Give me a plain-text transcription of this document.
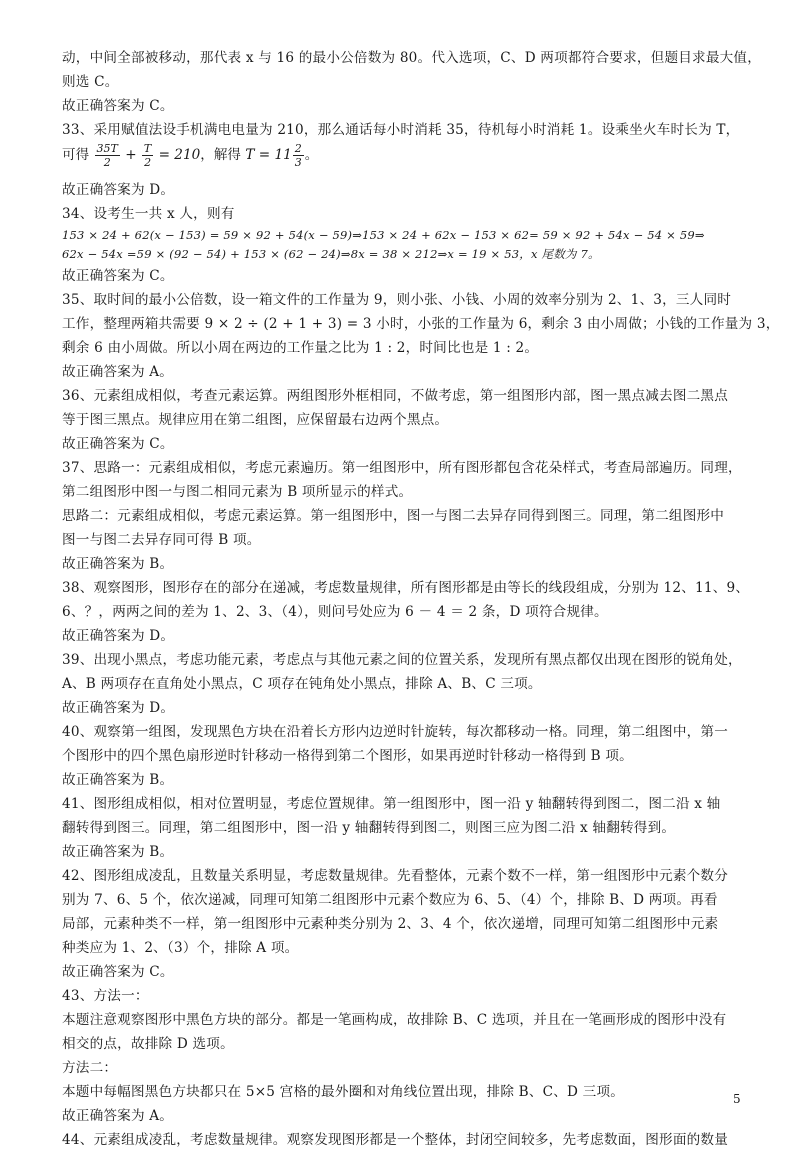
动，中间全部被移动，那代表 x 与 16 的最小公倍数为 80。代入选项，C、D 两项都符合要求，但题目求最大值，
则选 C。
故正确答案为 C。
33、采用赋值法设手机满电电量为 210，那么通话每小时消耗 35，待机每小时消耗 1。设乘坐火车时长为 T，
可得 $\frac{35T}{2} + \frac{T}{2} = 210$，解得 $T = 11 \frac{2}{3}$ 。
故正确答案为 D。
34、设考生一共 x 人，则有
153 × 24 + 62(x − 153) = 59 × 92 + 54(x − 59)⇒153 × 24 + 62x − 153 × 62= 59 × 92 + 54x − 54 × 59⇒
62x − 54x =59 × (92 − 54) + 153 × (62 − 24)⇒8x = 38 × 212⇒x = 19 × 53，x 尾数为 7。
故正确答案为 C。
35、取时间的最小公倍数，设一箱文件的工作量为 9，则小张、小钱、小周的效率分别为 2、1、3，三人同时
工作，整理两箱共需要 9 × 2 ÷ (2 + 1 + 3) = 3 小时，小张的工作量为 6，剩余 3 由小周做；小钱的工作量为 3，
剩余 6 由小周做。所以小周在两边的工作量之比为 1 : 2，时间比也是 1 : 2。
故正确答案为 A。
36、元素组成相似，考查元素运算。两组图形外框相同，不做考虑，第一组图形内部，图一黑点减去图二黑点
等于图三黑点。规律应用在第二组图，应保留最右边两个黑点。
故正确答案为 C。
37、思路一：元素组成相似，考虑元素遍历。第一组图形中，所有图形都包含花朵样式，考查局部遍历。同理，
第二组图形中图一与图二相同元素为 B 项所显示的样式。
思路二：元素组成相似，考虑元素运算。第一组图形中，图一与图二去异存同得到图三。同理，第二组图形中
图一与图二去异存同可得 B 项。
故正确答案为 B。
38、观察图形，图形存在的部分在递减，考虑数量规律，所有图形都是由等长的线段组成，分别为 12、11、9、
6、？，两两之间的差为 1、2、3、（4），则问号处应为 6 － 4 ＝ 2 条，D 项符合规律。
故正确答案为 D。
39、出现小黑点，考虑功能元素，考虑点与其他元素之间的位置关系，发现所有黑点都仅出现在图形的锐角处，
A、B 两项存在直角处小黑点，C 项存在钝角处小黑点，排除 A、B、C 三项。
故正确答案为 D。
40、观察第一组图，发现黑色方块在沿着长方形内边逆时针旋转，每次都移动一格。同理，第二组图中，第一
个图形中的四个黑色扇形逆时针移动一格得到第二个图形，如果再逆时针移动一格得到 B 项。
故正确答案为 B。
41、图形组成相似，相对位置明显，考虑位置规律。第一组图形中，图一沿 y 轴翻转得到图二，图二沿 x 轴
翻转得到图三。同理，第二组图形中，图一沿 y 轴翻转得到图二，则图三应为图二沿 x 轴翻转得到。
故正确答案为 B。
42、图形组成凌乱，且数量关系明显，考虑数量规律。先看整体，元素个数不一样，第一组图形中元素个数分
别为 7、6、5 个，依次递减，同理可知第二组图形中元素个数应为 6、5、（4）个，排除 B、D 两项。再看
局部，元素种类不一样，第一组图形中元素种类分别为 2、3、4 个，依次递增，同理可知第二组图形中元素
种类应为 1、2、（3）个，排除 A 项。
故正确答案为 C。
43、方法一：
本题注意观察图形中黑色方块的部分。都是一笔画构成，故排除 B、C 选项，并且在一笔画形成的图形中没有
相交的点，故排除 D 选项。
方法二：
本题中每幅图黑色方块都只在 5×5 宫格的最外圈和对角线位置出现，排除 B、C、D 三项。
故正确答案为 A。
44、元素组成凌乱，考虑数量规律。观察发现图形都是一个整体，封闭空间较多，先考虑数面，图形面的数量
5
